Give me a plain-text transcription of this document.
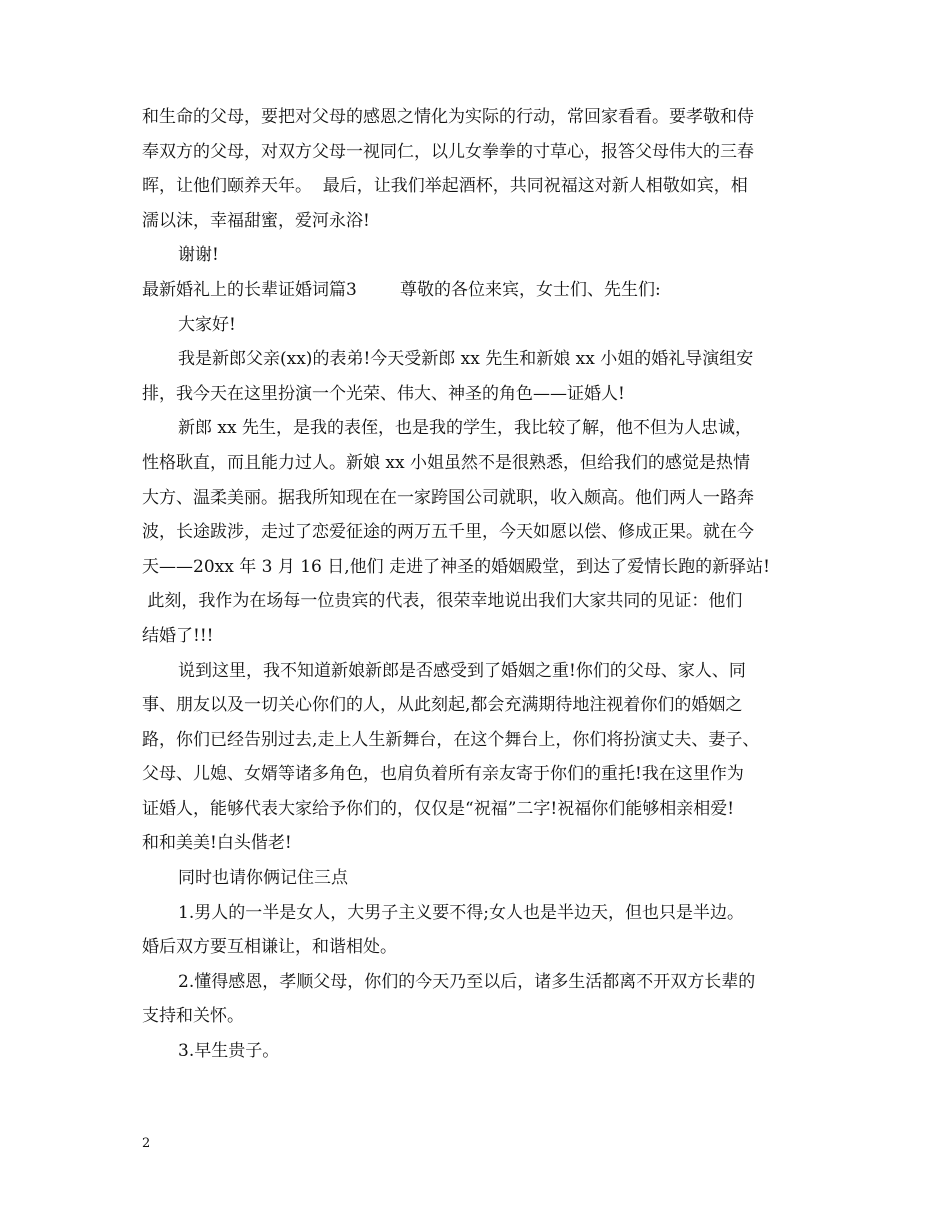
和生命的父母，要把对父母的感恩之情化为实际的行动，常回家看看。要孝敬和侍
奉双方的父母，对双方父母一视同仁，以儿女拳拳的寸草心，报答父母伟大的三春
晖，让他们颐养天年。  最后，让我们举起酒杯，共同祝福这对新人相敬如宾，相
濡以沫，幸福甜蜜，爱河永浴!
谢谢!
最新婚礼上的长辈证婚词篇3        尊敬的各位来宾，女士们、先生们:
大家好!
我是新郎父亲(xx)的表弟!今天受新郎 xx 先生和新娘 xx 小姐的婚礼导演组安
排，我今天在这里扮演一个光荣、伟大、神圣的角色——证婚人!
新郎 xx 先生，是我的表侄，也是我的学生，我比较了解，他不但为人忠诚，
性格耿直，而且能力过人。新娘 xx 小姐虽然不是很熟悉，但给我们的感觉是热情
大方、温柔美丽。据我所知现在在一家跨国公司就职，收入颇高。他们两人一路奔
波，长途跋涉，走过了恋爱征途的两万五千里，今天如愿以偿、修成正果。就在今
天——20xx 年 3 月 16 日,他们 走进了神圣的婚姻殿堂，到达了爱情长跑的新驿站!
此刻，我作为在场每一位贵宾的代表，很荣幸地说出我们大家共同的见证：他们
结婚了!!!
说到这里，我不知道新娘新郎是否感受到了婚姻之重!你们的父母、家人、同
事、朋友以及一切关心你们的人，从此刻起,都会充满期待地注视着你们的婚姻之
路，你们已经告别过去,走上人生新舞台，在这个舞台上，你们将扮演丈夫、妻子、
父母、儿媳、女婿等诸多角色，也肩负着所有亲友寄于你们的重托!我在这里作为
证婚人，能够代表大家给予你们的，仅仅是“祝福”二字!祝福你们能够相亲相爱!
和和美美!白头偕老!
同时也请你俩记住三点
1.男人的一半是女人，大男子主义要不得;女人也是半边天，但也只是半边。
婚后双方要互相谦让，和谐相处。
2.懂得感恩，孝顺父母，你们的今天乃至以后，诸多生活都离不开双方长辈的
支持和关怀。
3.早生贵子。
2
